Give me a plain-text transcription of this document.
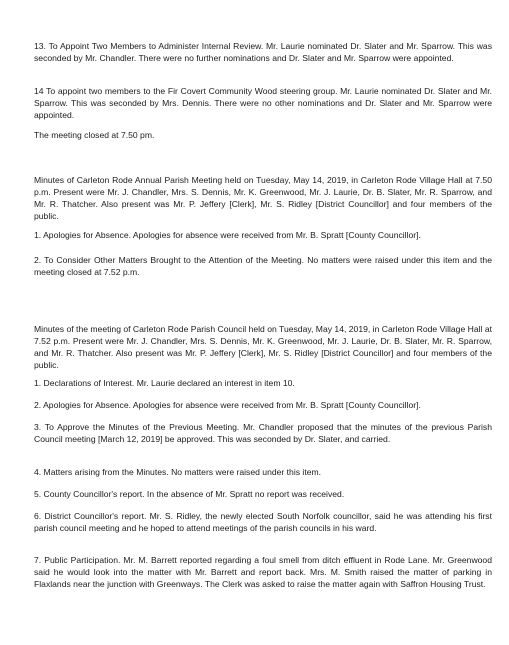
13. To Appoint Two Members to Administer Internal Review. Mr. Laurie nominated Dr. Slater and Mr. Sparrow. This was seconded by Mr. Chandler. There were no further nominations and Dr. Slater and Mr. Sparrow were appointed.

14 To appoint two members to the Fir Covert Community Wood steering group. Mr. Laurie nominated Dr. Slater and Mr. Sparrow. This was seconded by Mrs. Dennis. There were no other nominations and Dr. Slater and Mr. Sparrow were appointed.

The meeting closed at 7.50 pm.

Minutes of Carleton Rode Annual Parish Meeting held on Tuesday, May 14, 2019, in Carleton Rode Village Hall at 7.50 p.m. Present were Mr. J. Chandler, Mrs. S. Dennis, Mr. K. Greenwood, Mr. J. Laurie, Dr. B. Slater, Mr. R. Sparrow, and Mr. R. Thatcher. Also present was Mr. P. Jeffery [Clerk], Mr. S. Ridley [District Councillor] and four members of the public.

1. Apologies for Absence. Apologies for absence were received from Mr. B. Spratt [County Councillor].

2. To Consider Other Matters Brought to the Attention of the Meeting. No matters were raised under this item and the meeting closed at 7.52 p.m.

Minutes of the meeting of Carleton Rode Parish Council held on Tuesday, May 14, 2019, in Carleton Rode Village Hall at 7.52 p.m. Present were Mr. J. Chandler, Mrs. S. Dennis, Mr. K. Greenwood, Mr. J. Laurie, Dr. B. Slater, Mr. R. Sparrow, and Mr. R. Thatcher. Also present was Mr. P. Jeffery [Clerk], Mr. S. Ridley [District Councillor] and four members of the public.

1. Declarations of Interest. Mr. Laurie declared an interest in item 10.

2. Apologies for Absence. Apologies for absence were received from Mr. B. Spratt [County Councillor].

3. To Approve the Minutes of the Previous Meeting. Mr. Chandler proposed that the minutes of the previous Parish Council meeting [March 12, 2019] be approved. This was seconded by Dr. Slater, and carried.

4. Matters arising from the Minutes. No matters were raised under this item.

5. County Councillor's report. In the absence of Mr. Spratt no report was received.

6. District Councillor's report. Mr. S. Ridley, the newly elected South Norfolk councillor, said he was attending his first parish council meeting and he hoped to attend meetings of the parish councils in his ward.

7. Public Participation. Mr. M. Barrett reported regarding a foul smell from ditch effluent in Rode Lane. Mr. Greenwood said he would look into the matter with Mr. Barrett and report back. Mrs. M. Smith raised the matter of parking in Flaxlands near the junction with Greenways. The Clerk was asked to raise the matter again with Saffron Housing Trust.
